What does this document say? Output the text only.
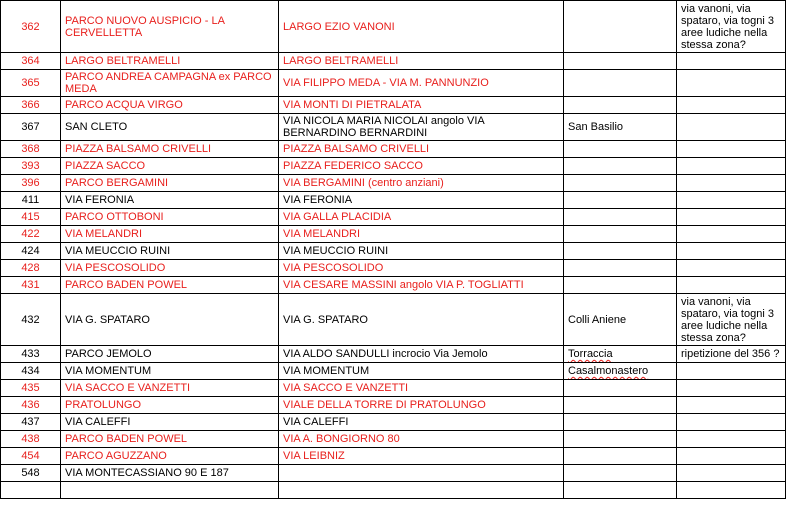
362	PARCO NUOVO AUSPICIO - LA CERVELLETTA	LARGO EZIO VANONI		via vanoni, via spataro, via togni 3 aree ludiche nella stessa zona?
364	LARGO BELTRAMELLI	LARGO BELTRAMELLI		
365	PARCO ANDREA CAMPAGNA ex PARCO MEDA	VIA FILIPPO MEDA - VIA M. PANNUNZIO		
366	PARCO ACQUA VIRGO	VIA MONTI DI PIETRALATA		
367	SAN CLETO	VIA NICOLA MARIA NICOLAI angolo VIA BERNARDINO BERNARDINI	San Basilio	
368	PIAZZA BALSAMO CRIVELLI	PIAZZA BALSAMO CRIVELLI		
393	PIAZZA SACCO	PIAZZA FEDERICO SACCO		
396	PARCO BERGAMINI	VIA BERGAMINI (centro anziani)		
411	VIA FERONIA	VIA FERONIA		
415	PARCO OTTOBONI	VIA GALLA PLACIDIA		
422	VIA MELANDRI	VIA MELANDRI		
424	VIA MEUCCIO RUINI	VIA MEUCCIO RUINI		
428	VIA PESCOSOLIDO	VIA PESCOSOLIDO		
431	PARCO BADEN POWEL	VIA CESARE MASSINI angolo VIA P. TOGLIATTI		
432	VIA G. SPATARO	VIA G. SPATARO	Colli Aniene	via vanoni, via spataro, via togni 3 aree ludiche nella stessa zona?
433	PARCO JEMOLO	VIA ALDO SANDULLI incrocio Via Jemolo	Torraccia	ripetizione del 356 ?
434	VIA MOMENTUM	VIA MOMENTUM	Casalmonastero	
435	VIA SACCO E VANZETTI	VIA SACCO E VANZETTI		
436	PRATOLUNGO	VIALE DELLA TORRE DI PRATOLUNGO		
437	VIA CALEFFI	VIA CALEFFI		
438	PARCO BADEN POWEL	VIA A. BONGIORNO 80		
454	PARCO AGUZZANO	VIA LEIBNIZ		
548	VIA MONTECASSIANO 90 E 187			
